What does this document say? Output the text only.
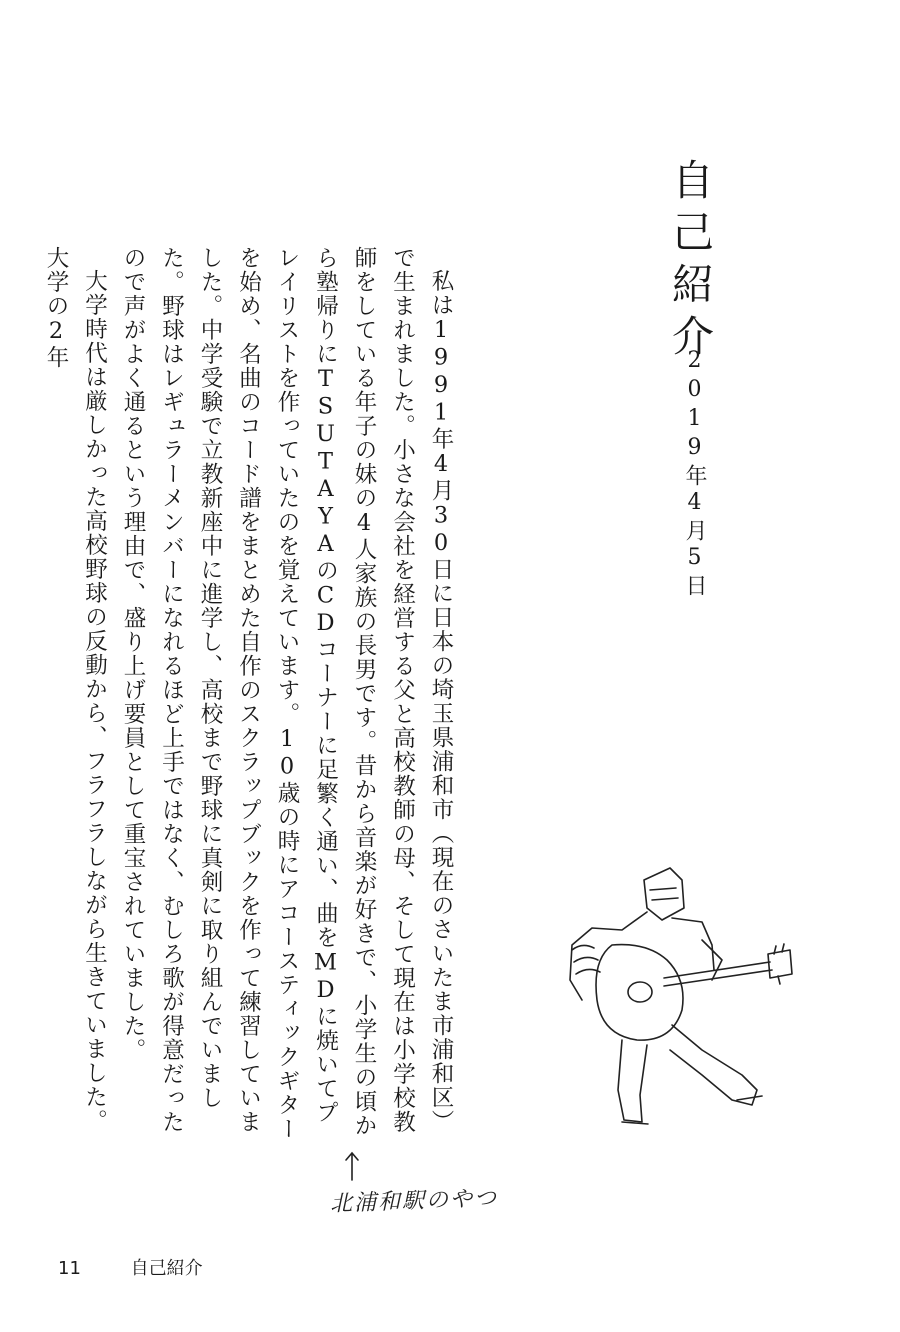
自己紹介
2019年4月5日

私は1991年4月30日に日本の埼玉県浦和市（現在のさいたま市浦和区）で生まれました。小さな会社を経営する父と高校教師の母、そして現在は小学校教師をしている年子の妹の4人家族の長男です。昔から音楽が好きで、小学生の頃から塾帰りにTSUTAYAのCDコーナーに足繁く通い、曲をMDに焼いてプレイリストを作っていたのを覚えています。10歳の時にアコースティックギターを始め、名曲のコード譜をまとめた自作のスクラップブックを作って練習していました。中学受験で立教新座中に進学し、高校まで野球に真剣に取り組んでいました。野球はレギュラーメンバーになれるほど上手ではなく、むしろ歌が得意だったので声がよく通るという理由で、盛り上げ要員として重宝されていました。

大学時代は厳しかった高校野球の反動から、フラフラしながら生きていました。大学の2年

北浦和駅のやつ
11	自己紹介
